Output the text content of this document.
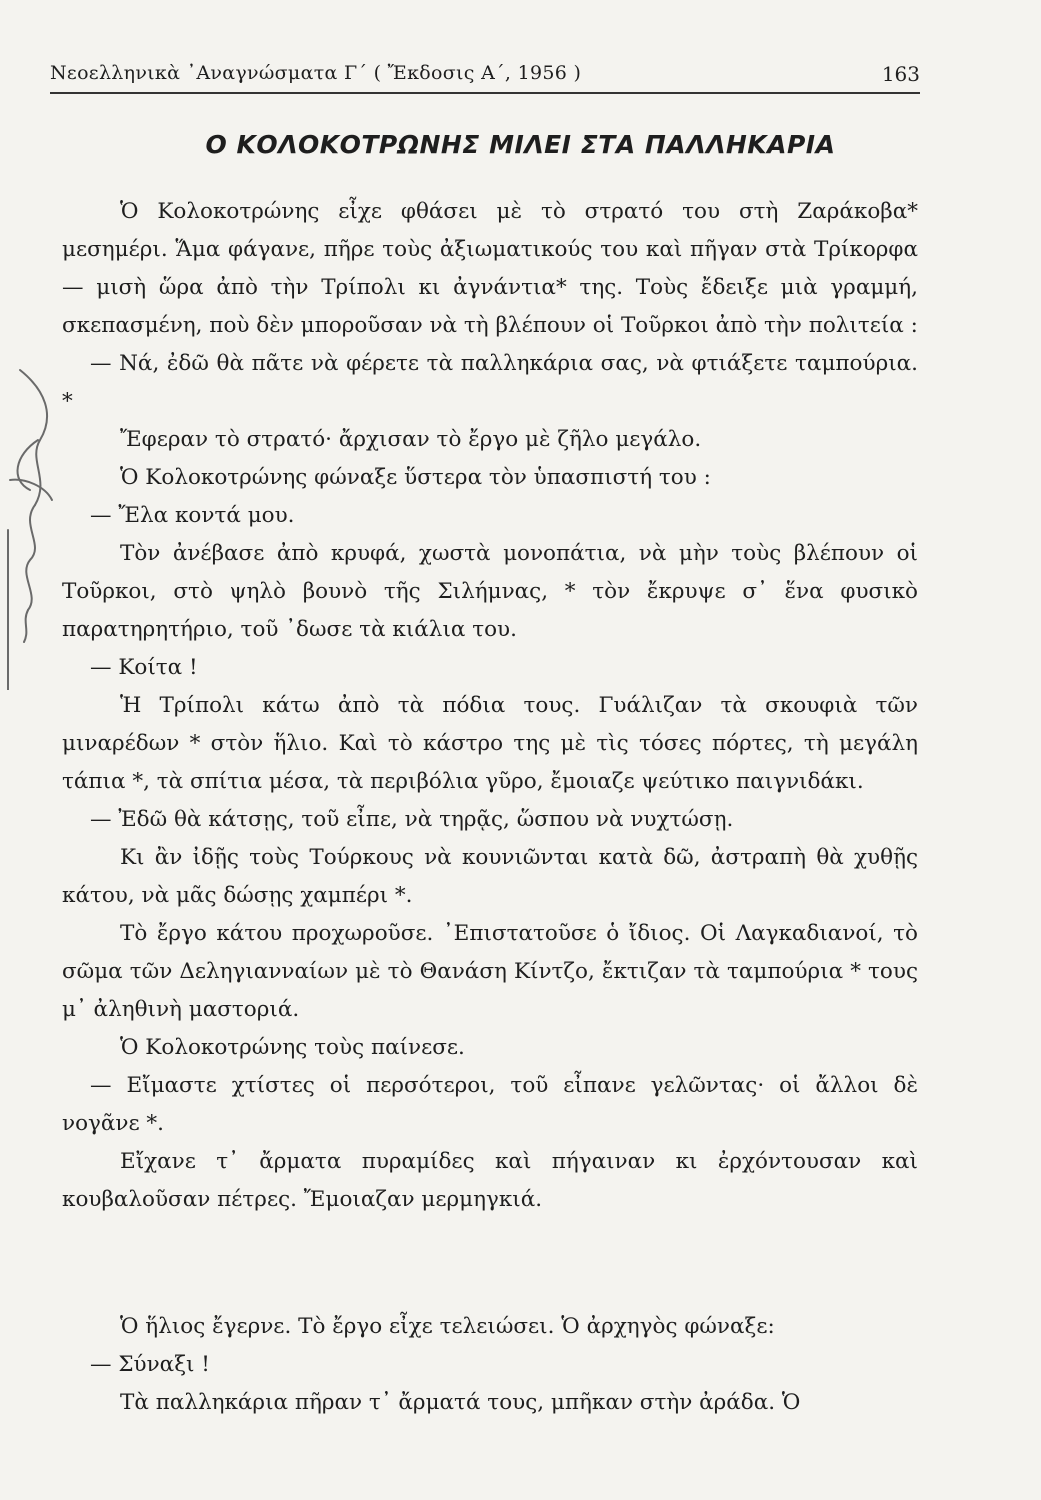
Νεοελληνικὰ ᾿Αναγνώσματα Γ΄ ( Ἔκδοσις Α΄, 1956 )	163
Ο ΚΟΛΟΚΟΤΡΩΝΗΣ ΜΙΛΕΙ ΣΤΑ ΠΑΛΛΗΚΑΡΙΑ

Ὁ Κολοκοτρώνης εἶχε φθάσει μὲ τὸ στρατό του στὴ Ζαράκοβα* μεσημέρι. Ἅμα φάγανε, πῆρε τοὺς ἀξιωματικούς του καὶ πῆγαν στὰ Τρίκορφα — μισὴ ὥρα ἀπὸ τὴν Τρίπολι κι ἀγνάντια* της. Τοὺς ἔδειξε μιὰ γραμμή, σκεπασμένη, ποὺ δὲν μποροῦσαν νὰ τὴ βλέπουν οἱ Τοῦρκοι ἀπὸ τὴν πολιτεία :

— Νά, ἐδῶ θὰ πᾶτε νὰ φέρετε τὰ παλληκάρια σας, νὰ φτιάξετε ταμπούρια. *

Ἔφεραν τὸ στρατό· ἄρχισαν τὸ ἔργο μὲ ζῆλο μεγάλο.

Ὁ Κολοκοτρώνης φώναξε ὕστερα τὸν ὑπασπιστή του :

— Ἔλα κοντά μου.

Τὸν ἀνέβασε ἀπὸ κρυφά, χωστὰ μονοπάτια, νὰ μὴν τοὺς βλέπουν οἱ Τοῦρκοι, στὸ ψηλὸ βουνὸ τῆς Σιλήμνας, * τὸν ἔκρυψε σ᾿ ἕνα φυσικὸ παρατηρητήριο, τοῦ ᾿δωσε τὰ κιάλια του.

— Κοίτα !

Ἡ Τρίπολι κάτω ἀπὸ τὰ πόδια τους. Γυάλιζαν τὰ σκουφιὰ τῶν μιναρέδων * στὸν ἥλιο. Καὶ τὸ κάστρο της μὲ τὶς τόσες πόρτες, τὴ μεγάλη τάπια *, τὰ σπίτια μέσα, τὰ περιβόλια γῦρο, ἔμοιαζε ψεύτικο παιγνιδάκι.

— Ἐδῶ θὰ κάτσῃς, τοῦ εἶπε, νὰ τηρᾷς, ὥσπου νὰ νυχτώσῃ.

Κι ἂν ἰδῇς τοὺς Τούρκους νὰ κουνιῶνται κατὰ δῶ, ἀστραπὴ θὰ χυθῇς κάτου, νὰ μᾶς δώσῃς χαμπέρι *.

Τὸ ἔργο κάτου προχωροῦσε. ᾿Επιστατοῦσε ὁ ἴδιος. Οἱ Λαγκαδιανοί, τὸ σῶμα τῶν Δεληγιανναίων μὲ τὸ Θανάση Κίντζο, ἔκτιζαν τὰ ταμπούρια * τους μ᾿ ἀληθινὴ μαστοριά.

Ὁ Κολοκοτρώνης τοὺς παίνεσε.

— Εἴμαστε χτίστες οἱ περσότεροι, τοῦ εἶπανε γελῶντας· οἱ ἄλλοι δὲ νογᾶνε *.

Εἴχανε τ᾿ ἄρματα πυραμίδες καὶ πήγαιναν κι ἐρχόντουσαν καὶ κουβαλοῦσαν πέτρες. Ἔμοιαζαν μερμηγκιά.

Ὁ ἥλιος ἔγερνε. Τὸ ἔργο εἶχε τελειώσει. Ὁ ἀρχηγὸς φώναξε:

— Σύναξι !

Τὰ παλληκάρια πῆραν τ᾿ ἄρματά τους, μπῆκαν στὴν ἀράδα. Ὁ
